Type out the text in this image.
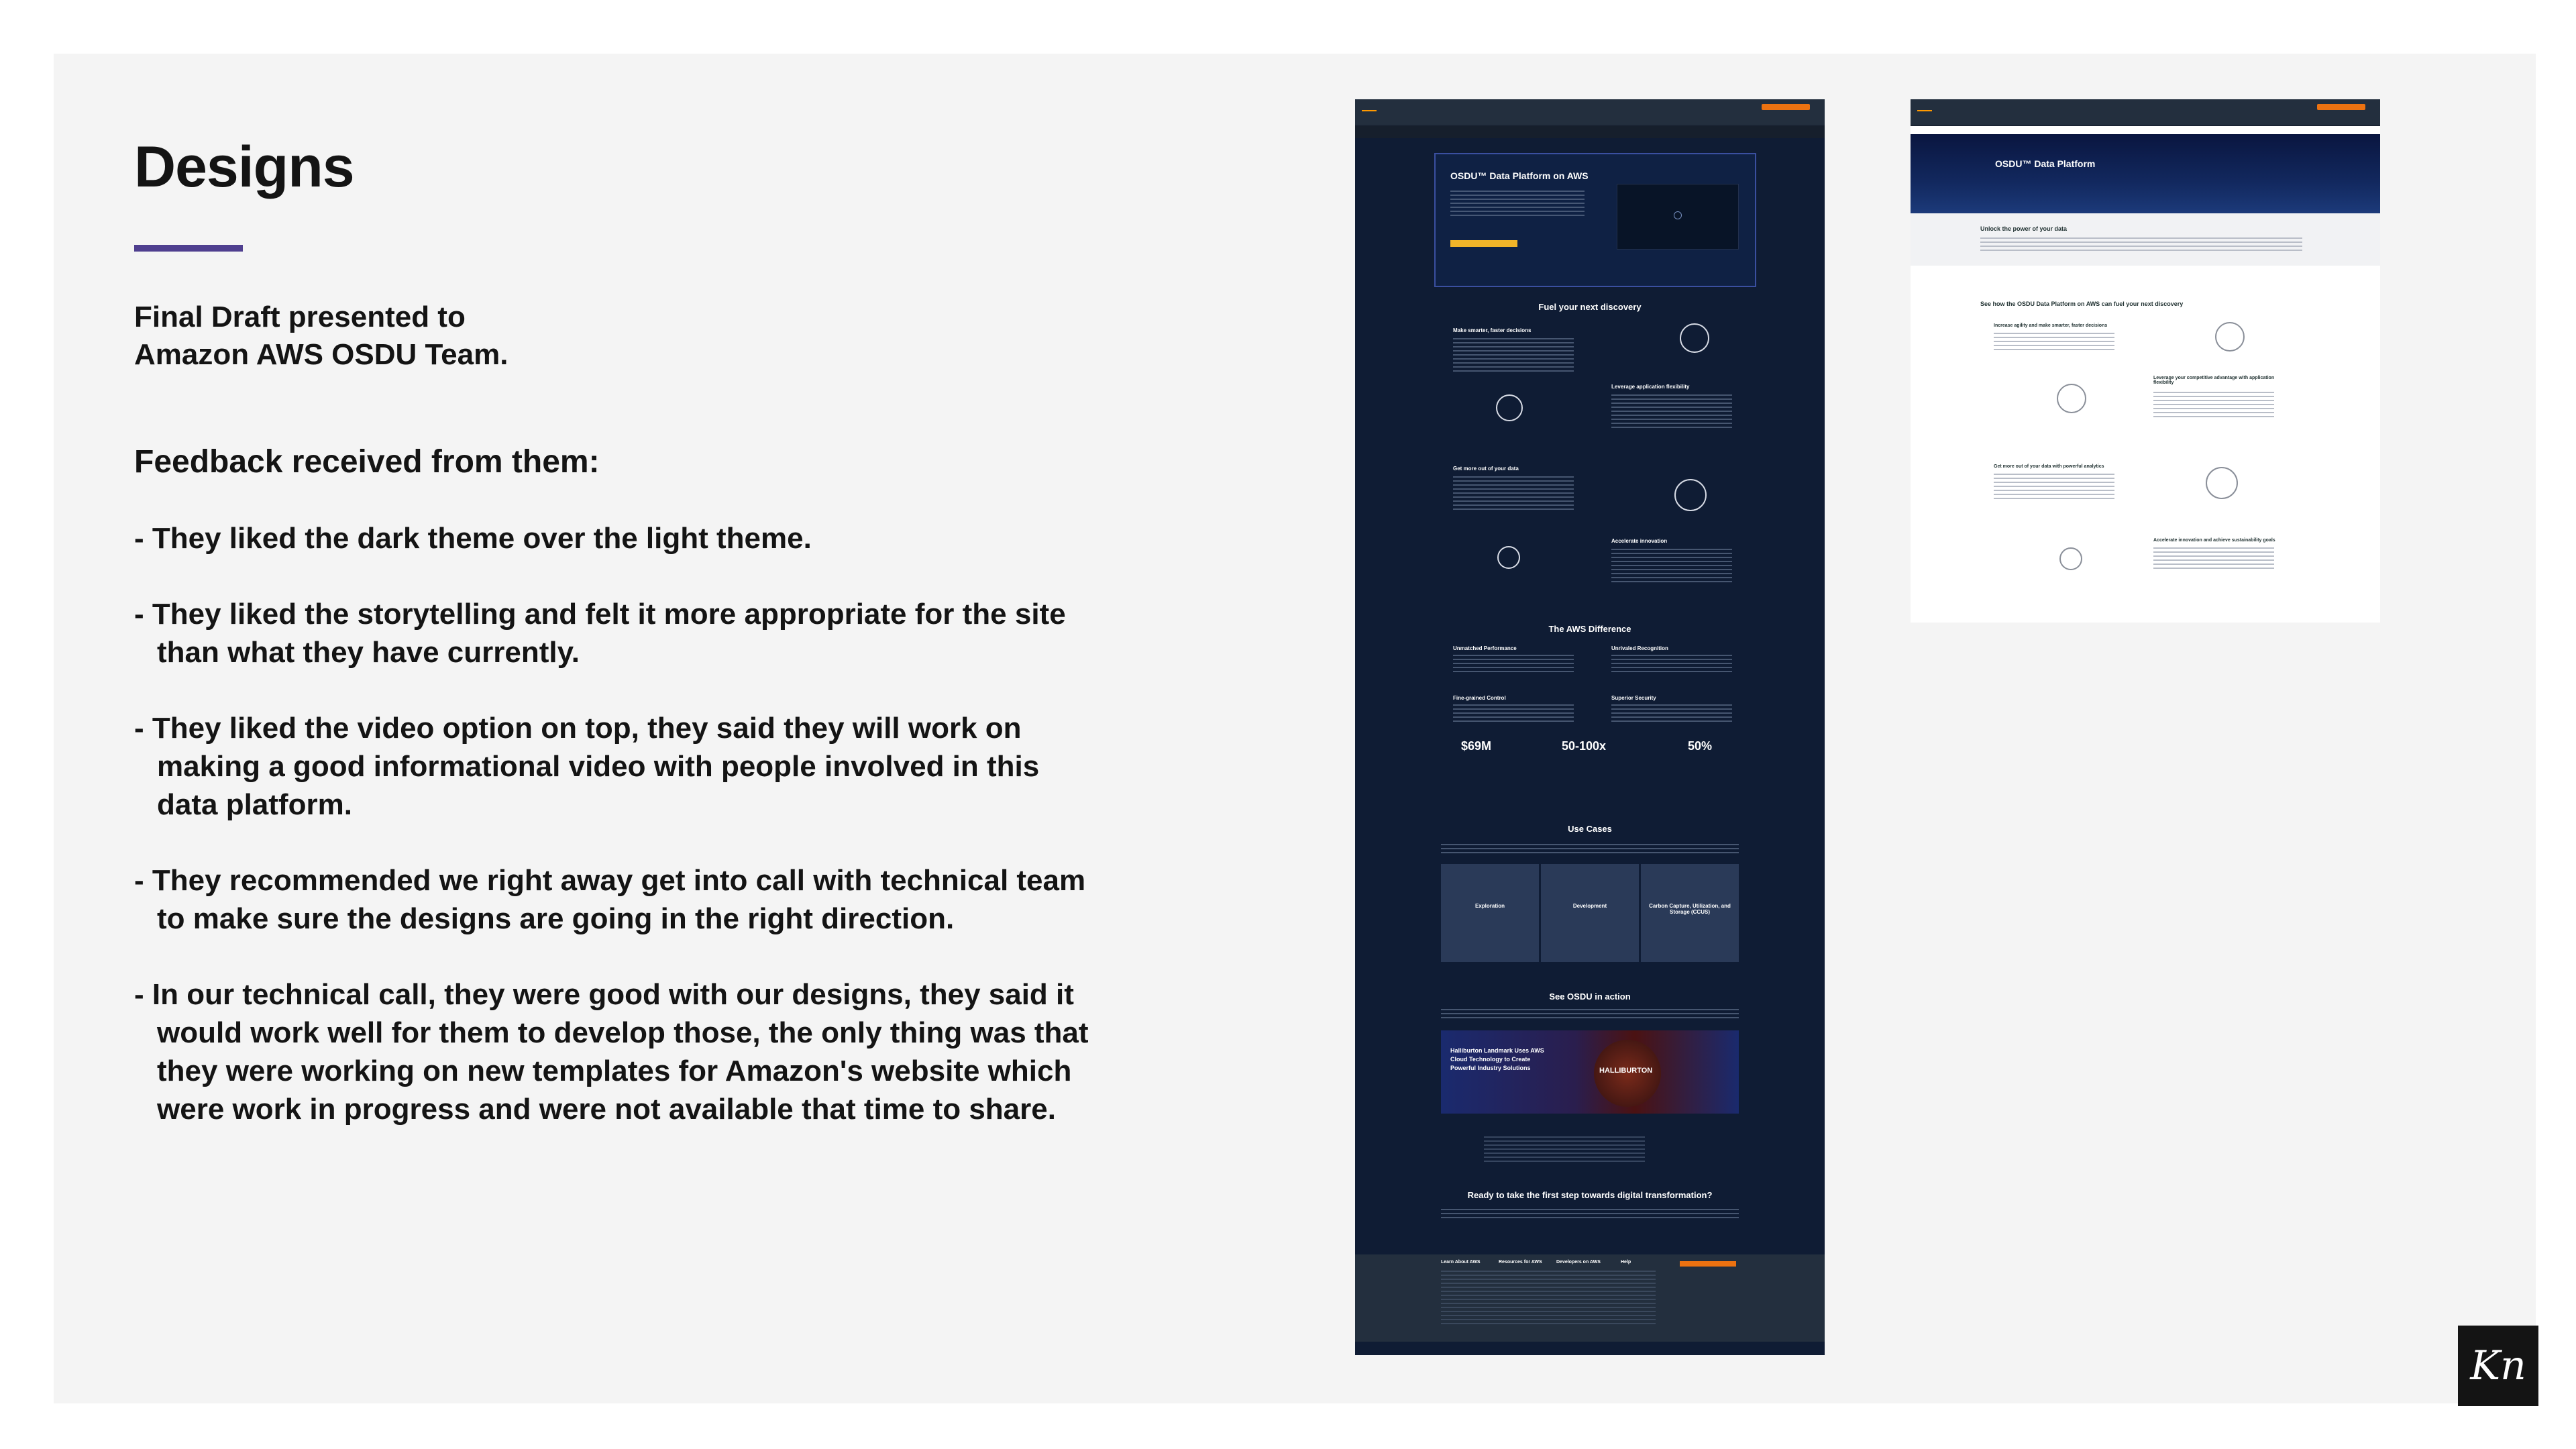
Designs
Final Draft presented to
Amazon AWS OSDU Team.
Feedback received from them:
- They liked the dark theme over the light theme.
- They liked the storytelling and felt it more appropriate for the site
than what they have currently.
- They liked the video option on top, they said they will work on
making a good informational video with people involved in this
data platform.
- They recommended we right away get into call with technical team
to make sure the designs are going in the right direction.
- In our technical call, they were good with our designs, they said it
would work well for them to develop those, the only thing was that
they were working on new templates for Amazon's website which
were work in progress and were not available that time to share.
OSDU™ Data Platform on AWS
Fuel your next discovery
Make smarter, faster decisions
Leverage application flexibility
Get more out of your data
Accelerate innovation
The AWS Difference
Unmatched Performance	Unrivaled Recognition
Fine-grained Control	Superior Security
$69M	50-100x	50%
Use Cases
Exploration	Development	Carbon Capture, Utilization, and Storage (CCUS)
See OSDU in action
Halliburton Landmark Uses AWS Cloud Technology to Create Powerful Industry Solutions	HALLIBURTON
Ready to take the first step towards digital transformation?
Learn About AWS	Resources for AWS	Developers on AWS	Help
OSDU™ Data Platform
Unlock the power of your data
See how the OSDU Data Platform on AWS can fuel your next discovery
Increase agility and make smarter, faster decisions
Leverage your competitive advantage with application flexibility
Get more out of your data with powerful analytics
Accelerate innovation and achieve sustainability goals
Kn
